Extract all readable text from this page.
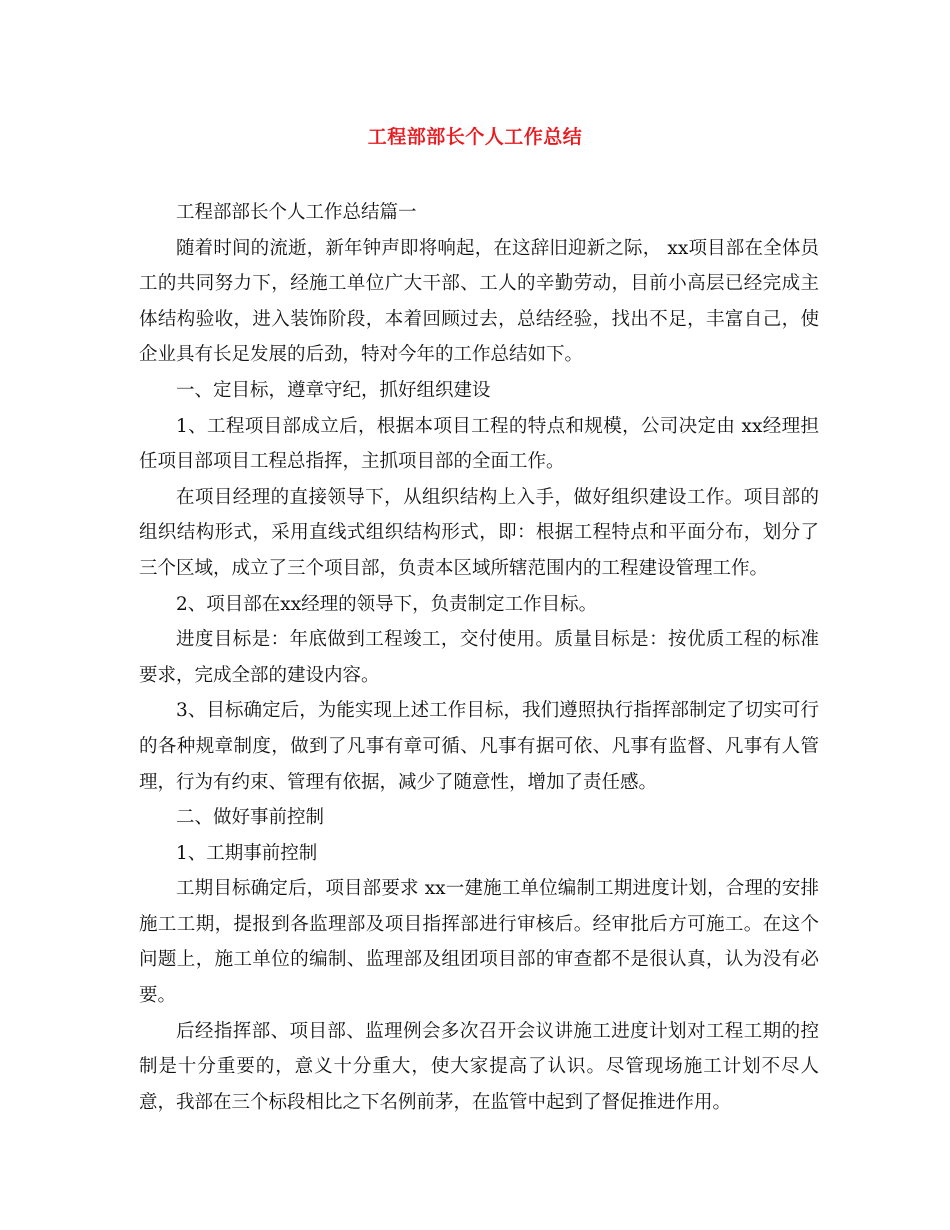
工程部部长个人工作总结

工程部部长个人工作总结篇一

随着时间的流逝，新年钟声即将响起，在这辞旧迎新之际， xx项目部在全体员工的共同努力下，经施工单位广大干部、工人的辛勤劳动，目前小高层已经完成主体结构验收，进入装饰阶段，本着回顾过去，总结经验，找出不足，丰富自己，使企业具有长足发展的后劲，特对今年的工作总结如下。

一、定目标，遵章守纪，抓好组织建设

1、工程项目部成立后，根据本项目工程的特点和规模，公司决定由 xx经理担任项目部项目工程总指挥，主抓项目部的全面工作。

在项目经理的直接领导下，从组织结构上入手，做好组织建设工作。项目部的组织结构形式，采用直线式组织结构形式，即：根据工程特点和平面分布，划分了三个区域，成立了三个项目部，负责本区域所辖范围内的工程建设管理工作。

2、项目部在xx经理的领导下，负责制定工作目标。

进度目标是：年底做到工程竣工，交付使用。质量目标是：按优质工程的标准要求，完成全部的建设内容。

3、目标确定后，为能实现上述工作目标，我们遵照执行指挥部制定了切实可行的各种规章制度，做到了凡事有章可循、凡事有据可依、凡事有监督、凡事有人管理，行为有约束、管理有依据，减少了随意性，增加了责任感。

二、做好事前控制

1、工期事前控制

工期目标确定后，项目部要求 xx一建施工单位编制工期进度计划，合理的安排施工工期，提报到各监理部及项目指挥部进行审核后。经审批后方可施工。在这个问题上，施工单位的编制、监理部及组团项目部的审查都不是很认真，认为没有必要。

后经指挥部、项目部、监理例会多次召开会议讲施工进度计划对工程工期的控制是十分重要的，意义十分重大，使大家提高了认识。尽管现场施工计划不尽人意，我部在三个标段相比之下名例前茅，在监管中起到了督促推进作用。
